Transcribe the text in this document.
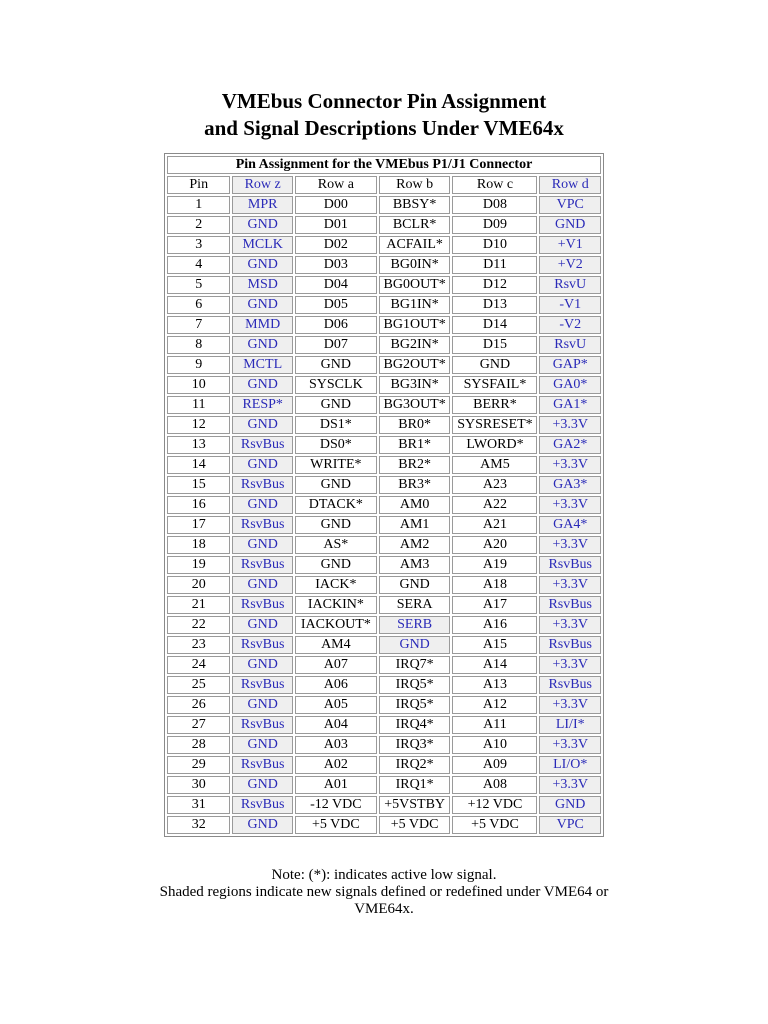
VMEbus Connector Pin Assignment
and Signal Descriptions Under VME64x
Pin Assignment for the VMEbus P1/J1 Connector					
Pin	Row z	Row a	Row b	Row c	Row d
1	MPR	D00	BBSY*	D08	VPC
2	GND	D01	BCLR*	D09	GND
3	MCLK	D02	ACFAIL*	D10	+V1
4	GND	D03	BG0IN*	D11	+V2
5	MSD	D04	BG0OUT*	D12	RsvU
6	GND	D05	BG1IN*	D13	-V1
7	MMD	D06	BG1OUT*	D14	-V2
8	GND	D07	BG2IN*	D15	RsvU
9	MCTL	GND	BG2OUT*	GND	GAP*
10	GND	SYSCLK	BG3IN*	SYSFAIL*	GA0*
11	RESP*	GND	BG3OUT*	BERR*	GA1*
12	GND	DS1*	BR0*	SYSRESET*	+3.3V
13	RsvBus	DS0*	BR1*	LWORD*	GA2*
14	GND	WRITE*	BR2*	AM5	+3.3V
15	RsvBus	GND	BR3*	A23	GA3*
16	GND	DTACK*	AM0	A22	+3.3V
17	RsvBus	GND	AM1	A21	GA4*
18	GND	AS*	AM2	A20	+3.3V
19	RsvBus	GND	AM3	A19	RsvBus
20	GND	IACK*	GND	A18	+3.3V
21	RsvBus	IACKIN*	SERA	A17	RsvBus
22	GND	IACKOUT*	SERB	A16	+3.3V
23	RsvBus	AM4	GND	A15	RsvBus
24	GND	A07	IRQ7*	A14	+3.3V
25	RsvBus	A06	IRQ5*	A13	RsvBus
26	GND	A05	IRQ5*	A12	+3.3V
27	RsvBus	A04	IRQ4*	A11	LI/I*
28	GND	A03	IRQ3*	A10	+3.3V
29	RsvBus	A02	IRQ2*	A09	LI/O*
30	GND	A01	IRQ1*	A08	+3.3V
31	RsvBus	-12 VDC	+5VSTBY	+12 VDC	GND
32	GND	+5 VDC	+5 VDC	+5 VDC	VPC
Note: (*): indicates active low signal.
Shaded regions indicate new signals defined or redefined under VME64 or VME64x.
